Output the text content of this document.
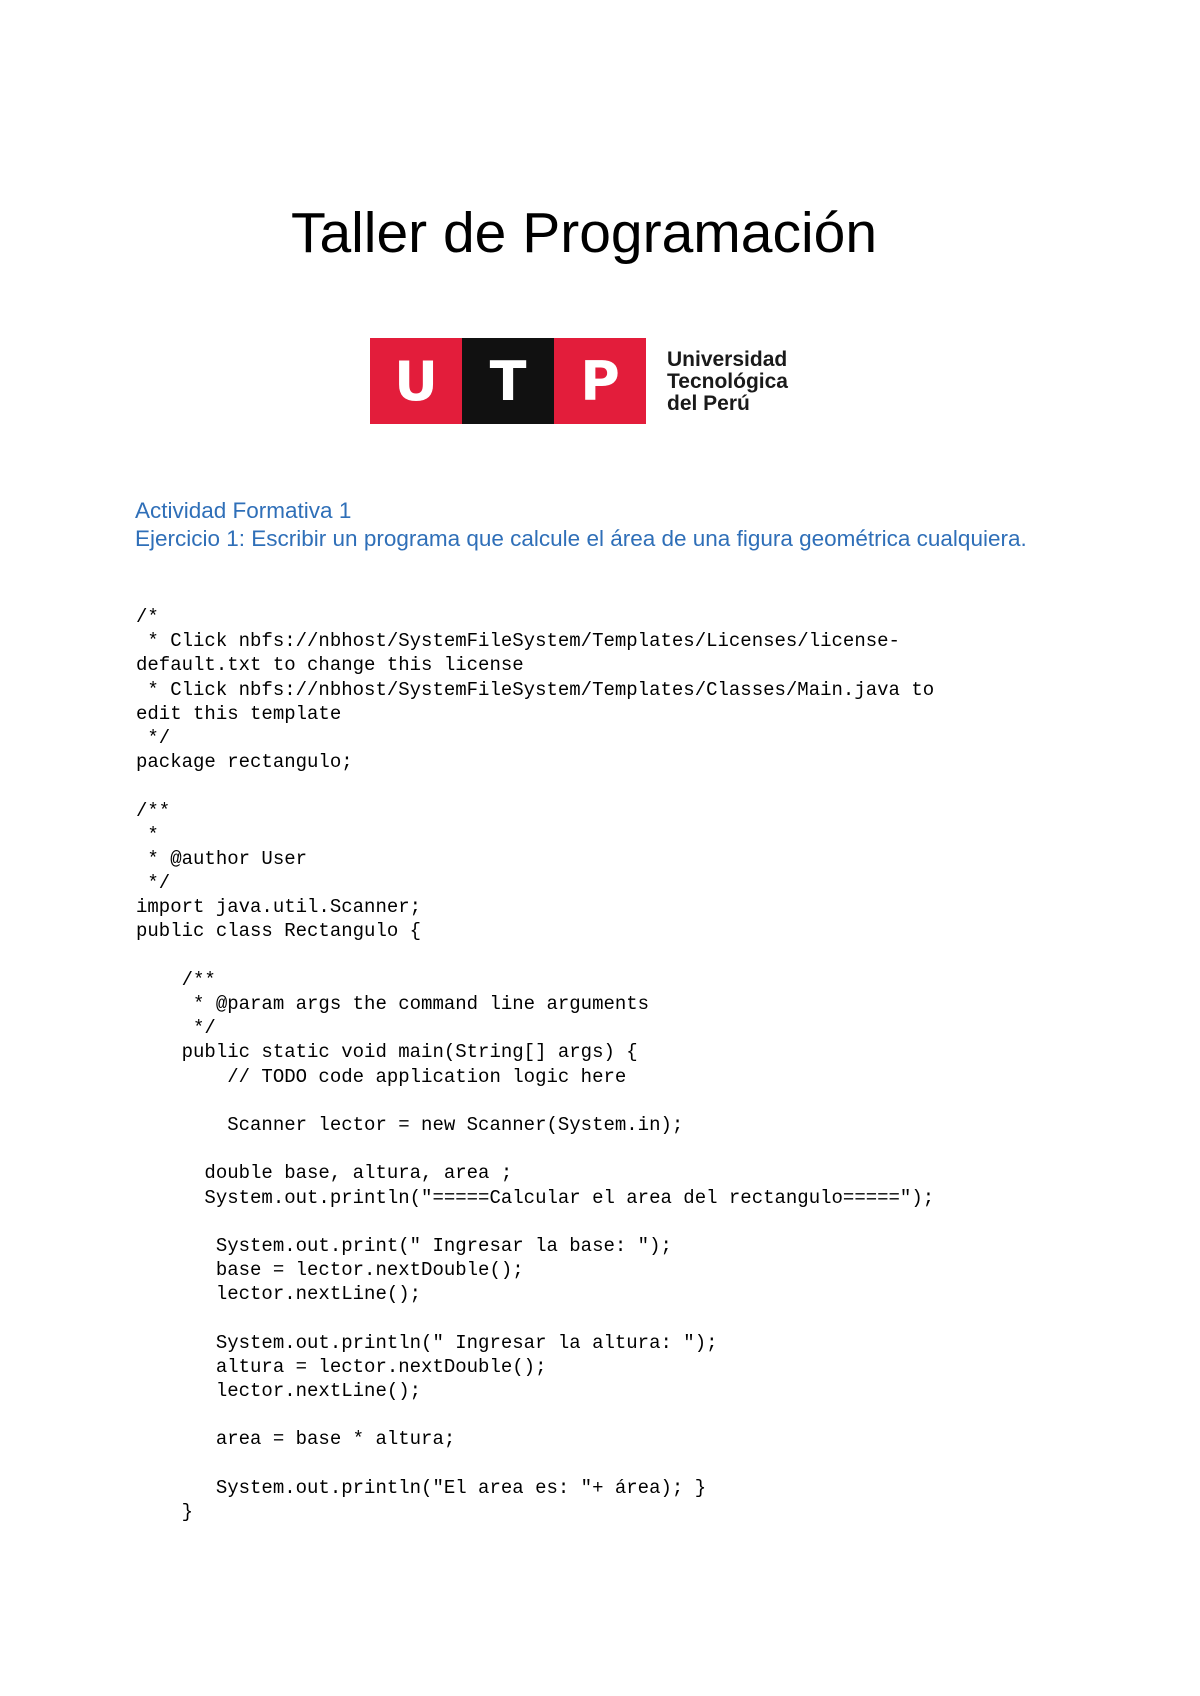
Taller de Programación
U T P	Universidad
Tecnológica
del Perú
Actividad Formativa 1
Ejercicio 1: Escribir un programa que calcule el área de una figura geométrica cualquiera.
/*
* Click nbfs://nbhost/SystemFileSystem/Templates/Licenses/license-
default.txt to change this license
* Click nbfs://nbhost/SystemFileSystem/Templates/Classes/Main.java to
edit this template
*/
package rectangulo;
/**
*
* @author User
*/
import java.util.Scanner;
public class Rectangulo {
/**
* @param args the command line arguments
*/
public static void main(String[] args) {
// TODO code application logic here
Scanner lector = new Scanner(System.in);
double base, altura, area ;
System.out.println("=====Calcular el area del rectangulo=====");
System.out.print(" Ingresar la base: ");
base = lector.nextDouble();
lector.nextLine();
System.out.println(" Ingresar la altura: ");
altura = lector.nextDouble();
lector.nextLine();
area = base * altura;
System.out.println("El area es: "+ área); }
}
